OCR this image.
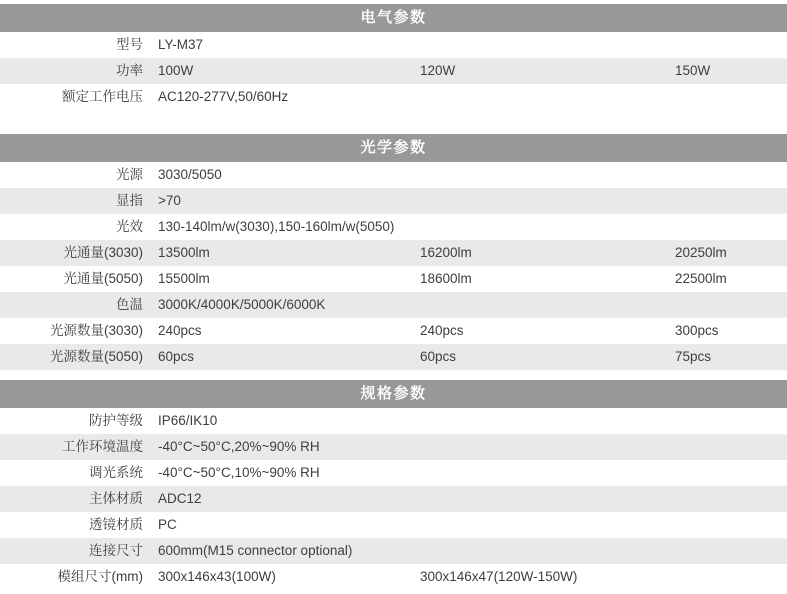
电气参数
型号	LY-M37
功率	100W	120W	150W
额定工作电压	AC120-277V,50/60Hz
光学参数
光源	3030/5050
显指	>70
光效	130-140lm/w(3030),150-160lm/w(5050)
光通量(3030)	13500lm	16200lm	20250lm
光通量(5050)	15500lm	18600lm	22500lm
色温	3000K/4000K/5000K/6000K
光源数量(3030)	240pcs	240pcs	300pcs
光源数量(5050)	60pcs	60pcs	75pcs
规格参数
防护等级	IP66/IK10
工作环境温度	-40°C~50°C,20%~90% RH
调光系统	-40°C~50°C,10%~90% RH
主体材质	ADC12
透镜材质	PC
连接尺寸	600mm(M15 connector optional)
模组尺寸(mm)	300x146x43(100W)	300x146x47(120W-150W)
